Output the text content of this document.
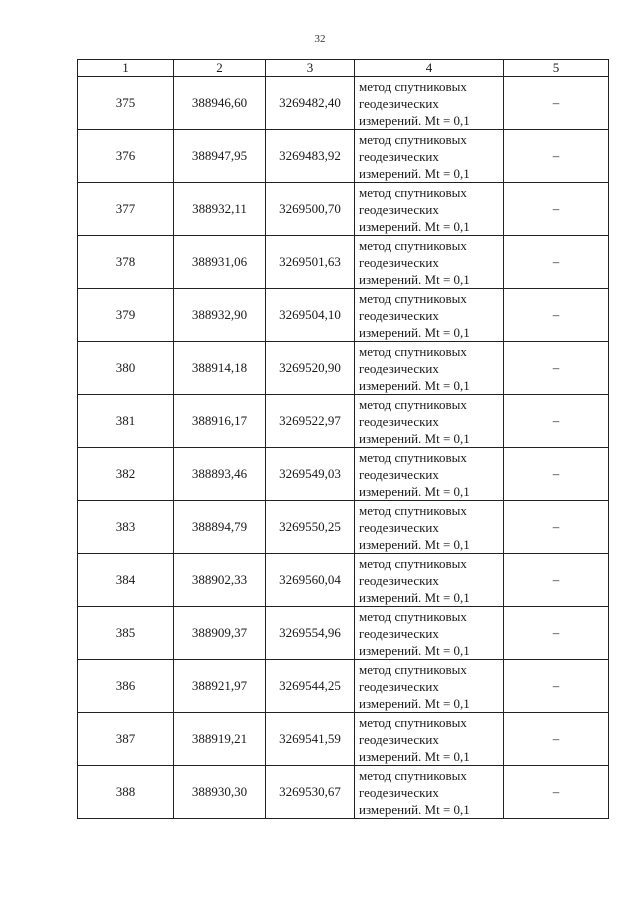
32
1	2	3	4	5
375	388946,60	3269482,40	метод спутниковых
геодезических
измерений. Mt = 0,1	–
376	388947,95	3269483,92	метод спутниковых
геодезических
измерений. Mt = 0,1	–
377	388932,11	3269500,70	метод спутниковых
геодезических
измерений. Mt = 0,1	–
378	388931,06	3269501,63	метод спутниковых
геодезических
измерений. Mt = 0,1	–
379	388932,90	3269504,10	метод спутниковых
геодезических
измерений. Mt = 0,1	–
380	388914,18	3269520,90	метод спутниковых
геодезических
измерений. Mt = 0,1	–
381	388916,17	3269522,97	метод спутниковых
геодезических
измерений. Mt = 0,1	–
382	388893,46	3269549,03	метод спутниковых
геодезических
измерений. Mt = 0,1	–
383	388894,79	3269550,25	метод спутниковых
геодезических
измерений. Mt = 0,1	–
384	388902,33	3269560,04	метод спутниковых
геодезических
измерений. Mt = 0,1	–
385	388909,37	3269554,96	метод спутниковых
геодезических
измерений. Mt = 0,1	–
386	388921,97	3269544,25	метод спутниковых
геодезических
измерений. Mt = 0,1	–
387	388919,21	3269541,59	метод спутниковых
геодезических
измерений. Mt = 0,1	–
388	388930,30	3269530,67	метод спутниковых
геодезических
измерений. Mt = 0,1	–
